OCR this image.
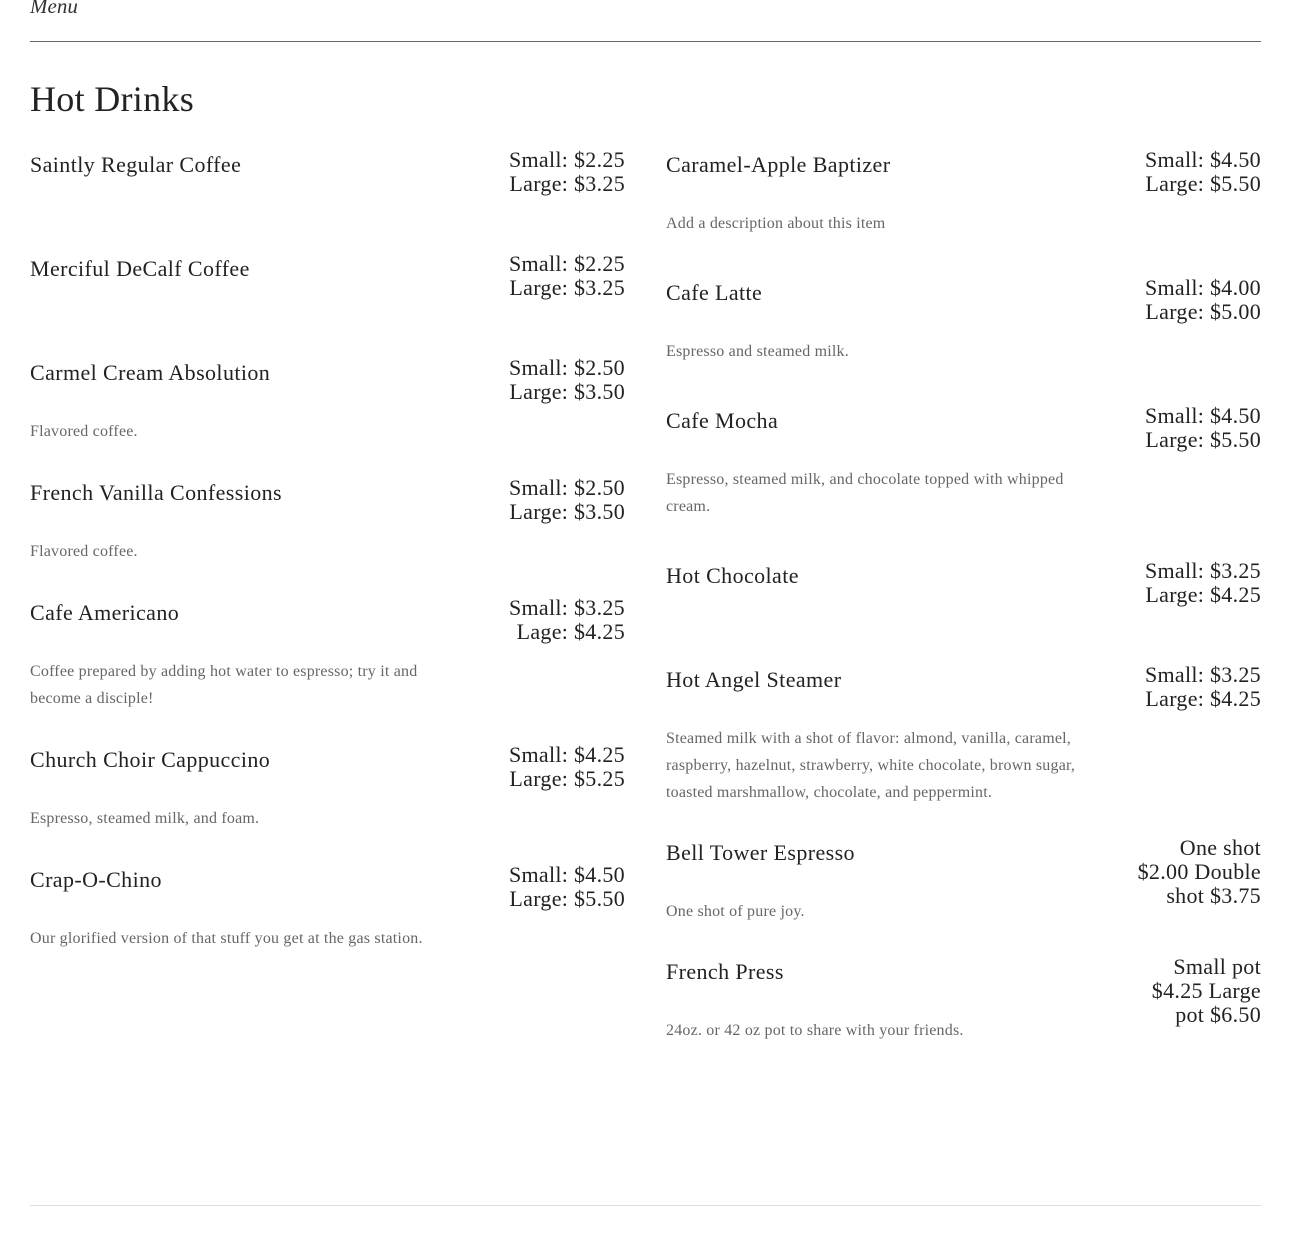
Menu
Hot Drinks
Saintly Regular Coffee	Small: $2.25
Large: $3.25
Merciful DeCalf Coffee	Small: $2.25
Large: $3.25
Carmel Cream Absolution	Small: $2.50
Large: $3.50
Flavored coffee.
French Vanilla Confessions	Small: $2.50
Large: $3.50
Flavored coffee.
Cafe Americano	Small: $3.25
Lage: $4.25
Coffee prepared by adding hot water to espresso; try it and become a disciple!
Church Choir Cappuccino	Small: $4.25
Large: $5.25
Espresso, steamed milk, and foam.
Crap-O-Chino	Small: $4.50
Large: $5.50
Our glorified version of that stuff you get at the gas station.
Caramel-Apple Baptizer	Small: $4.50
Large: $5.50
Add a description about this item
Cafe Latte	Small: $4.00
Large: $5.00
Espresso and steamed milk.
Cafe Mocha	Small: $4.50
Large: $5.50
Espresso, steamed milk, and chocolate topped with whipped cream.
Hot Chocolate	Small: $3.25
Large: $4.25
Hot Angel Steamer	Small: $3.25
Large: $4.25
Steamed milk with a shot of flavor: almond, vanilla, caramel, raspberry, hazelnut, strawberry, white chocolate, brown sugar, toasted marshmallow, chocolate, and peppermint.
Bell Tower Espresso	One shot
$2.00 Double
shot $3.75
One shot of pure joy.
French Press	Small pot
$4.25 Large
pot $6.50
24oz. or 42 oz pot to share with your friends.
